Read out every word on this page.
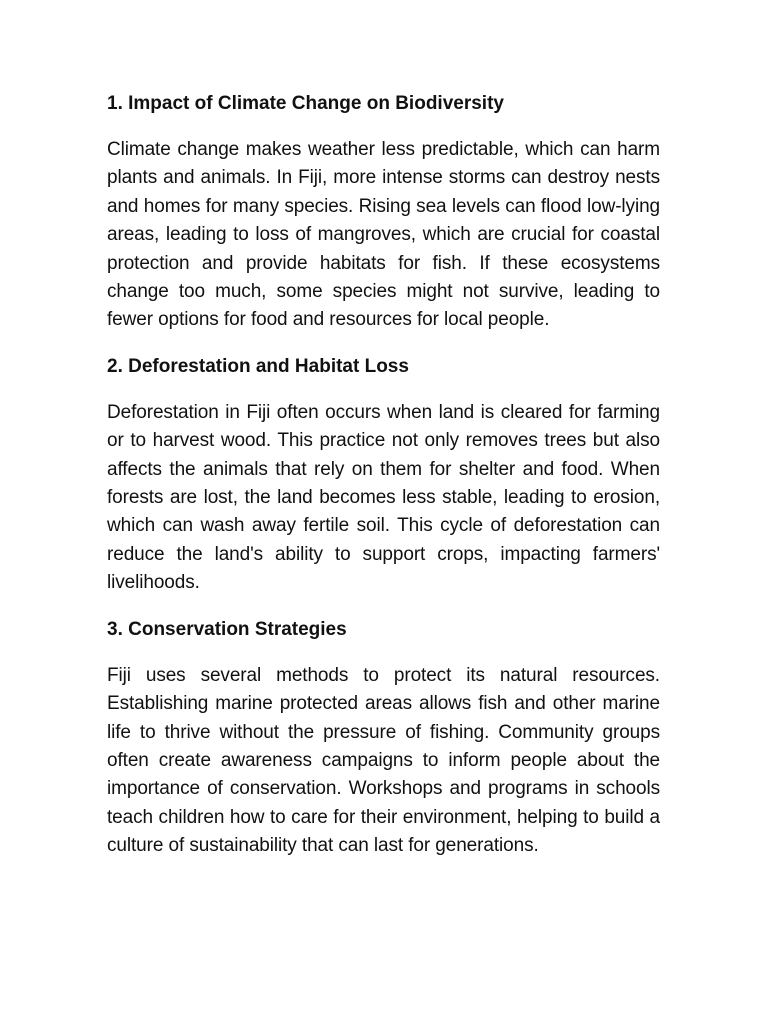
1. Impact of Climate Change on Biodiversity
Climate change makes weather less predictable, which can harm plants and animals. In Fiji, more intense storms can destroy nests and homes for many species. Rising sea levels can flood low-lying areas, leading to loss of mangroves, which are crucial for coastal protection and provide habitats for fish. If these ecosystems change too much, some species might not survive, leading to fewer options for food and resources for local people.
2. Deforestation and Habitat Loss
Deforestation in Fiji often occurs when land is cleared for farming or to harvest wood. This practice not only removes trees but also affects the animals that rely on them for shelter and food. When forests are lost, the land becomes less stable, leading to erosion, which can wash away fertile soil. This cycle of deforestation can reduce the land's ability to support crops, impacting farmers' livelihoods.
3. Conservation Strategies
Fiji uses several methods to protect its natural resources. Establishing marine protected areas allows fish and other marine life to thrive without the pressure of fishing. Community groups often create awareness campaigns to inform people about the importance of conservation. Workshops and programs in schools teach children how to care for their environment, helping to build a culture of sustainability that can last for generations.
